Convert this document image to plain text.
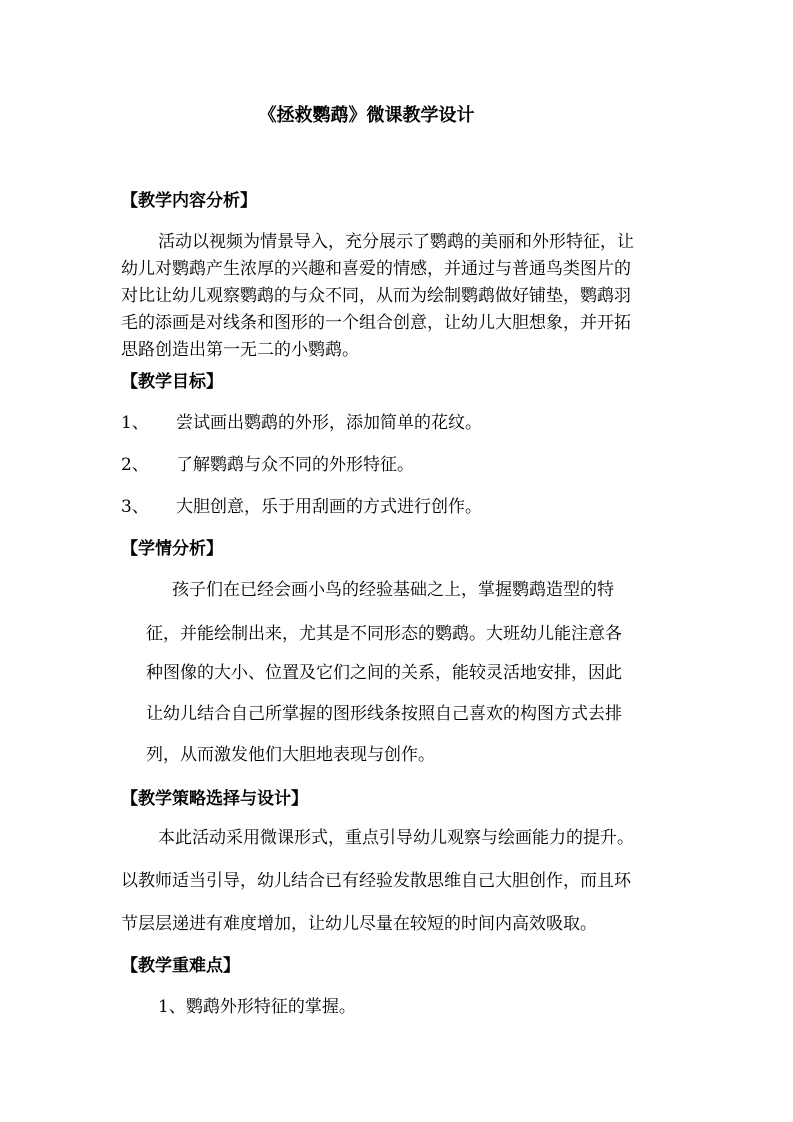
《拯救鹦鹉》微课教学设计
【教学内容分析】
活动以视频为情景导入，充分展示了鹦鹉的美丽和外形特征，让
幼儿对鹦鹉产生浓厚的兴趣和喜爱的情感，并通过与普通鸟类图片的
对比让幼儿观察鹦鹉的与众不同，从而为绘制鹦鹉做好铺垫，鹦鹉羽
毛的添画是对线条和图形的一个组合创意，让幼儿大胆想象，并开拓
思路创造出第一无二的小鹦鹉。
【教学目标】
1、 尝试画出鹦鹉的外形，添加简单的花纹。
2、 了解鹦鹉与众不同的外形特征。
3、 大胆创意，乐于用刮画的方式进行创作。
【学情分析】
孩子们在已经会画小鸟的经验基础之上，掌握鹦鹉造型的特
征，并能绘制出来，尤其是不同形态的鹦鹉。大班幼儿能注意各
种图像的大小、位置及它们之间的关系，能较灵活地安排，因此
让幼儿结合自己所掌握的图形线条按照自己喜欢的构图方式去排
列，从而激发他们大胆地表现与创作。
【教学策略选择与设计】
本此活动采用微课形式，重点引导幼儿观察与绘画能力的提升。
以教师适当引导，幼儿结合已有经验发散思维自己大胆创作，而且环
节层层递进有难度增加，让幼儿尽量在较短的时间内高效吸取。
【教学重难点】
1、鹦鹉外形特征的掌握。
